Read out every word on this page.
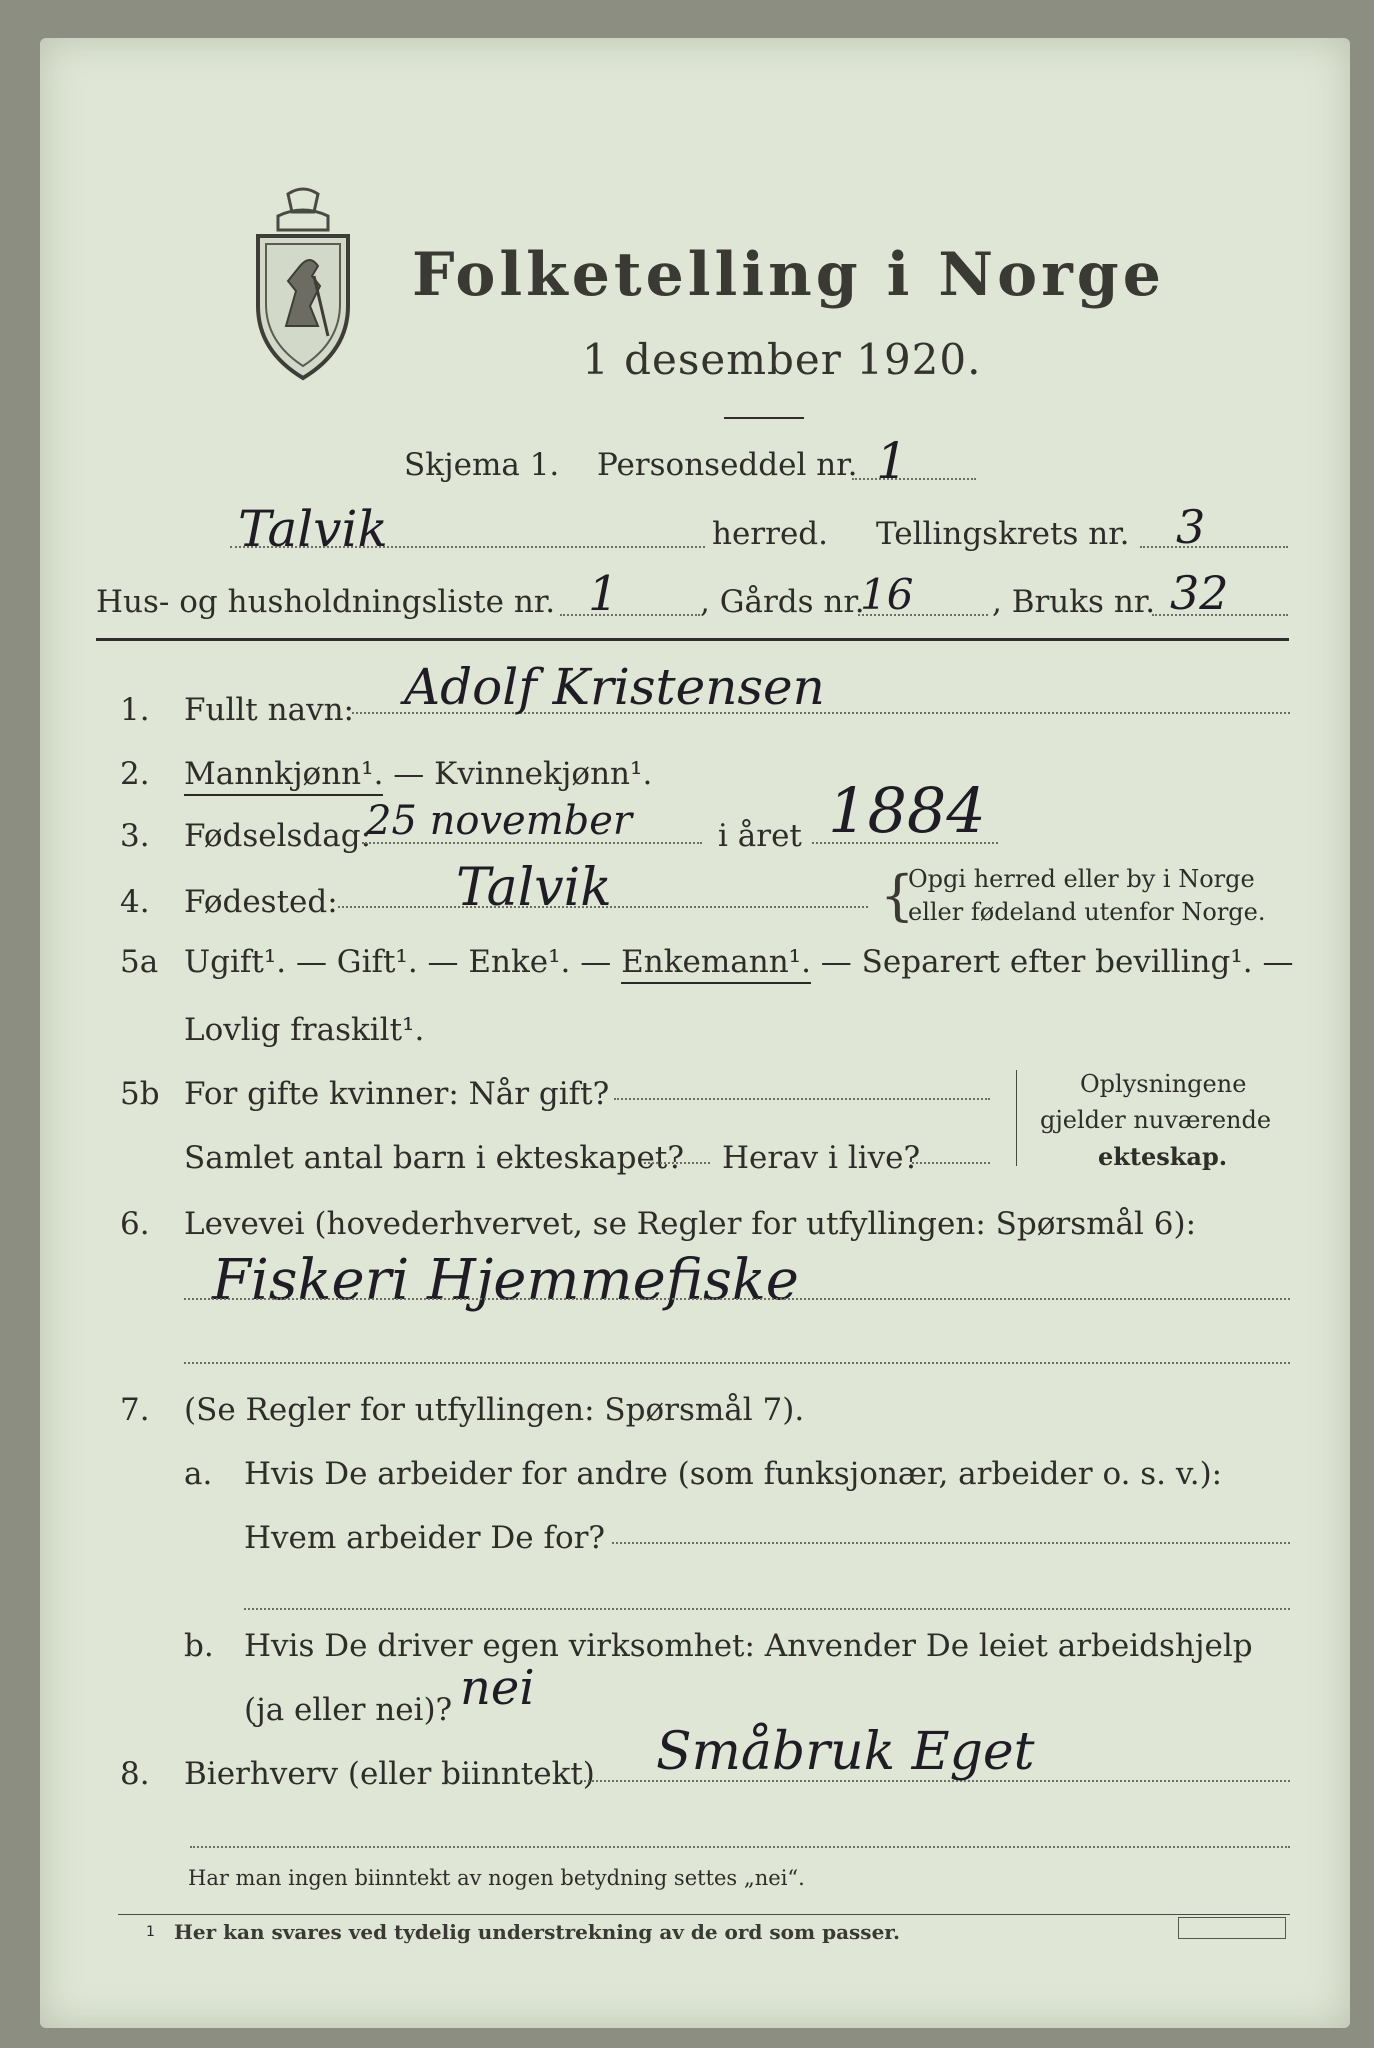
Folketelling i Norge
1 desember 1920.
Skjema 1. Personseddel nr. 1
Talvik	herred. Tellingskrets nr. 3
Hus- og husholdningsliste nr. 1	, Gårds nr.
16	, Bruks nr. 32
1. Fullt navn: Adolf Kristensen
2. Mannkjønn¹. — Kvinnekjønn¹.
3. Fødselsdag:
25 november	i året 1884
4. Fødested: Talvik	{
Opgi herred eller by i Norge
eller fødeland utenfor Norge.
5a Ugift¹. — Gift¹. — Enke¹. — Enkemann¹. — Separert efter bevilling¹. —
Lovlig fraskilt¹.
5b For gifte kvinner: Når gift?
Samlet antal barn i ekteskapet? Herav i live?
Oplysningene
gjelder nuværende
ekteskap.
6. Levevei (hovederhvervet, se Regler for utfyllingen: Spørsmål 6):
Fiskeri Hjemmefiske
7. (Se Regler for utfyllingen: Spørsmål 7).
a. Hvis De arbeider for andre (som funksjonær, arbeider o. s. v.):
Hvem arbeider De for?
b. Hvis De driver egen virksomhet: Anvender De leiet arbeidshjelp
(ja eller nei)? nei
8. Bierhverv (eller biinntekt) Småbruk Eget
Har man ingen biinntekt av nogen betydning settes „nei“.
1 Her kan svares ved tydelig understrekning av de ord som passer.
